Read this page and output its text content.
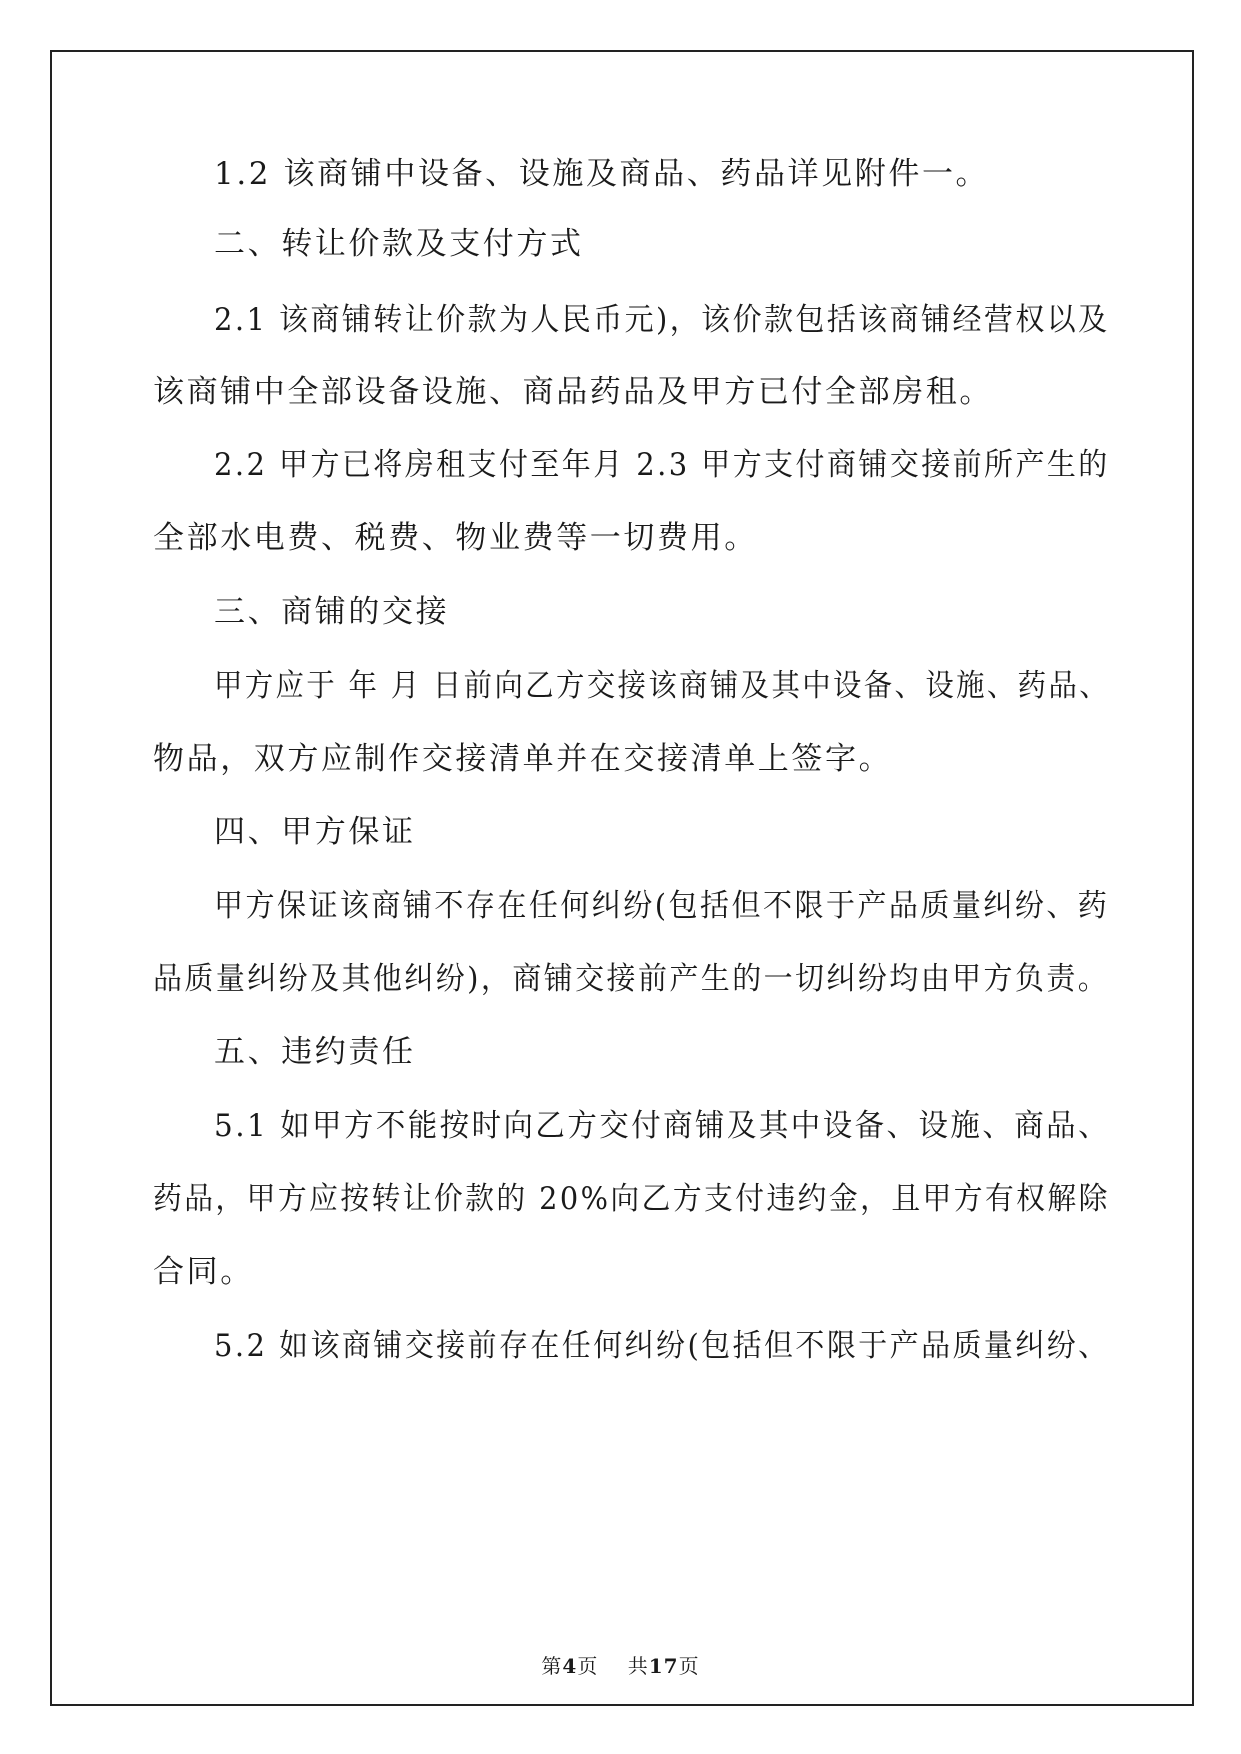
1.2 该商铺中设备、设施及商品、药品详见附件一。
二、转让价款及支付方式
2.1 该商铺转让价款为人民币元)，该价款包括该商铺经营权以及
该商铺中全部设备设施、商品药品及甲方已付全部房租。
2.2 甲方已将房租支付至年月 2.3 甲方支付商铺交接前所产生的
全部水电费、税费、物业费等一切费用。
三、商铺的交接
甲方应于 年 月 日前向乙方交接该商铺及其中设备、设施、药品、
物品，双方应制作交接清单并在交接清单上签字。
四、甲方保证
甲方保证该商铺不存在任何纠纷(包括但不限于产品质量纠纷、药
品质量纠纷及其他纠纷)，商铺交接前产生的一切纠纷均由甲方负责。
五、违约责任
5.1 如甲方不能按时向乙方交付商铺及其中设备、设施、商品、
药品，甲方应按转让价款的 20%向乙方支付违约金，且甲方有权解除
合同。
5.2 如该商铺交接前存在任何纠纷(包括但不限于产品质量纠纷、
第4页 共17页
